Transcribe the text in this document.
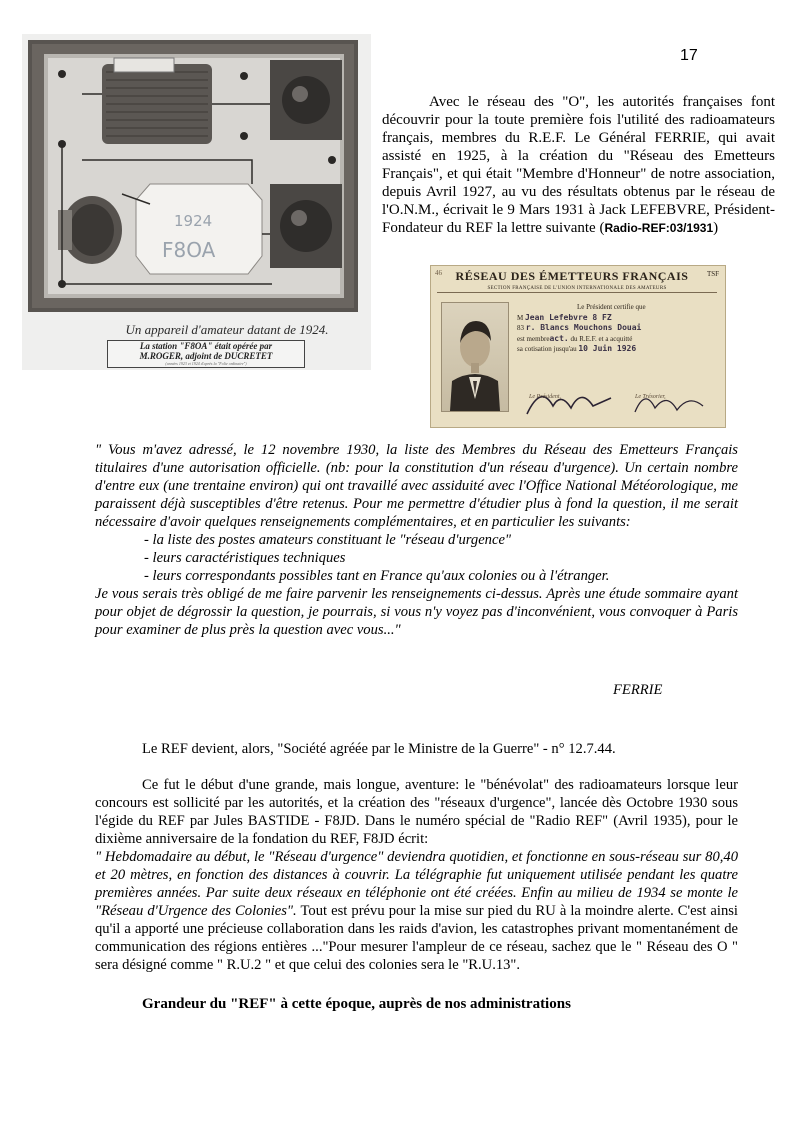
17
1924
F8OA
Un appareil d'amateur datant de 1924.
La station "F8OA" était opérée par
M.ROGER, adjoint de DUCRETET
(années 1923 et 1924 d'après la "Folie ordinaire")
Avec le réseau des "O", les autorités françaises font découvrir pour la toute première fois l'utilité des radioamateurs français, membres du R.E.F. Le Général FERRIE, qui avait assisté en 1925, à la création du "Réseau des Emetteurs Français", et qui était "Membre d'Honneur" de notre association, depuis Avril 1927, au vu des résultats obtenus par le réseau de l'O.N.M., écrivait le 9 Mars 1931 à Jack LEFEBVRE, Président-Fondateur du REF la lettre suivante (Radio-REF:03/1931)
46	RÉSEAU DES ÉMETTEURS FRANÇAIS	TSF
SECTION FRANÇAISE DE L'UNION INTERNATIONALE DES AMATEURS
Le Président certifie que
M Jean Lefebvre 8 FZ
83 r. Blancs Mouchons Douai
est membreact. du R.E.F. et a acquitté
sa cotisation jusqu'au 10 Juin 1926
Le Président,	Le Trésorier,

" Vous m'avez adressé, le 12 novembre 1930, la liste des Membres du Réseau des Emetteurs Français titulaires d'une autorisation officielle. (nb: pour la constitution d'un réseau d'urgence). Un certain nombre d'entre eux (une trentaine environ) qui ont travaillé avec assiduité avec l'Office National Météorologique, me paraissent déjà susceptibles d'être retenus. Pour me permettre d'étudier plus à fond la question, il me serait nécessaire d'avoir quelques renseignements complémentaires, et en particulier les suivants:

- la liste des postes amateurs constituant le "réseau d'urgence"

- leurs caractéristiques techniques

- leurs correspondants possibles tant en France qu'aux colonies ou à l'étranger.

Je vous serais très obligé de me faire parvenir les renseignements ci-dessus. Après une étude sommaire ayant pour objet de dégrossir la question, je pourrais, si vous n'y voyez pas d'inconvénient, vous convoquer à Paris pour examiner de plus près la question avec vous..."

FERRIE

Le REF devient, alors, "Société agréée par le Ministre de la Guerre" - n° 12.7.44.

Ce fut le début d'une grande, mais longue, aventure: le "bénévolat" des radioamateurs lorsque leur concours est sollicité par les autorités, et la création des "réseaux d'urgence", lancée dès Octobre 1930 sous l'égide du REF par Jules BASTIDE - F8JD. Dans le numéro spécial de "Radio REF" (Avril 1935), pour le dixième anniversaire de la fondation du REF, F8JD écrit:

" Hebdomadaire au début, le "Réseau d'urgence" deviendra quotidien, et fonctionne en sous-réseau sur 80,40 et 20 mètres, en fonction des distances à couvrir. La télégraphie fut uniquement utilisée pendant les quatre premières années. Par suite deux réseaux en téléphonie ont été créées. Enfin au milieu de 1934 se monte le "Réseau d'Urgence des Colonies". Tout est prévu pour la mise sur pied du RU à la moindre alerte. C'est ainsi qu'il a apporté une précieuse collaboration dans les raids d'avion, les catastrophes privant momentanément de communication des régions entières ..."Pour mesurer l'ampleur de ce réseau, sachez que le " Réseau des O " sera désigné comme " R.U.2 " et que celui des colonies sera le "R.U.13".

Grandeur du "REF" à cette époque, auprès de nos administrations
